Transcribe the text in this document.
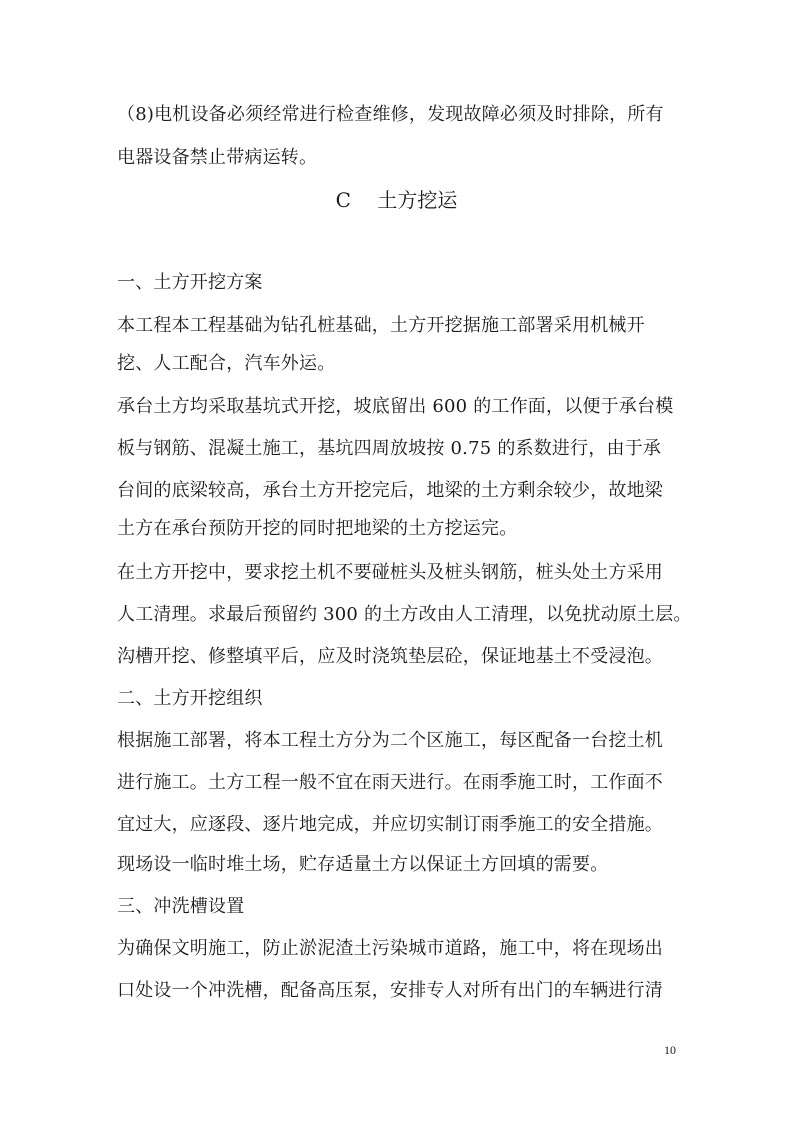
（8)电机设备必须经常进行检查维修，发现故障必须及时排除，所有
电器设备禁止带病运转。
C　 土方挖运
一、土方开挖方案
本工程本工程基础为钻孔桩基础，土方开挖据施工部署采用机械开
挖、人工配合，汽车外运。
承台土方均采取基坑式开挖，坡底留出 600 的工作面，以便于承台模
板与钢筋、混凝土施工，基坑四周放坡按 0.75 的系数进行，由于承
台间的底梁较高，承台土方开挖完后，地梁的土方剩余较少，故地梁
土方在承台预防开挖的同时把地梁的土方挖运完。
在土方开挖中，要求挖土机不要碰桩头及桩头钢筋，桩头处土方采用
人工清理。求最后预留约 300 的土方改由人工清理，以免扰动原土层。
沟槽开挖、修整填平后，应及时浇筑垫层砼，保证地基土不受浸泡。
二、土方开挖组织
根据施工部署，将本工程土方分为二个区施工，每区配备一台挖土机
进行施工。土方工程一般不宜在雨天进行。在雨季施工时，工作面不
宜过大，应逐段、逐片地完成，并应切实制订雨季施工的安全措施。
现场设一临时堆土场，贮存适量土方以保证土方回填的需要。
三、冲洗槽设置
为确保文明施工，防止淤泥渣土污染城市道路，施工中，将在现场出
口处设一个冲洗槽，配备高压泵，安排专人对所有出门的车辆进行清
10
